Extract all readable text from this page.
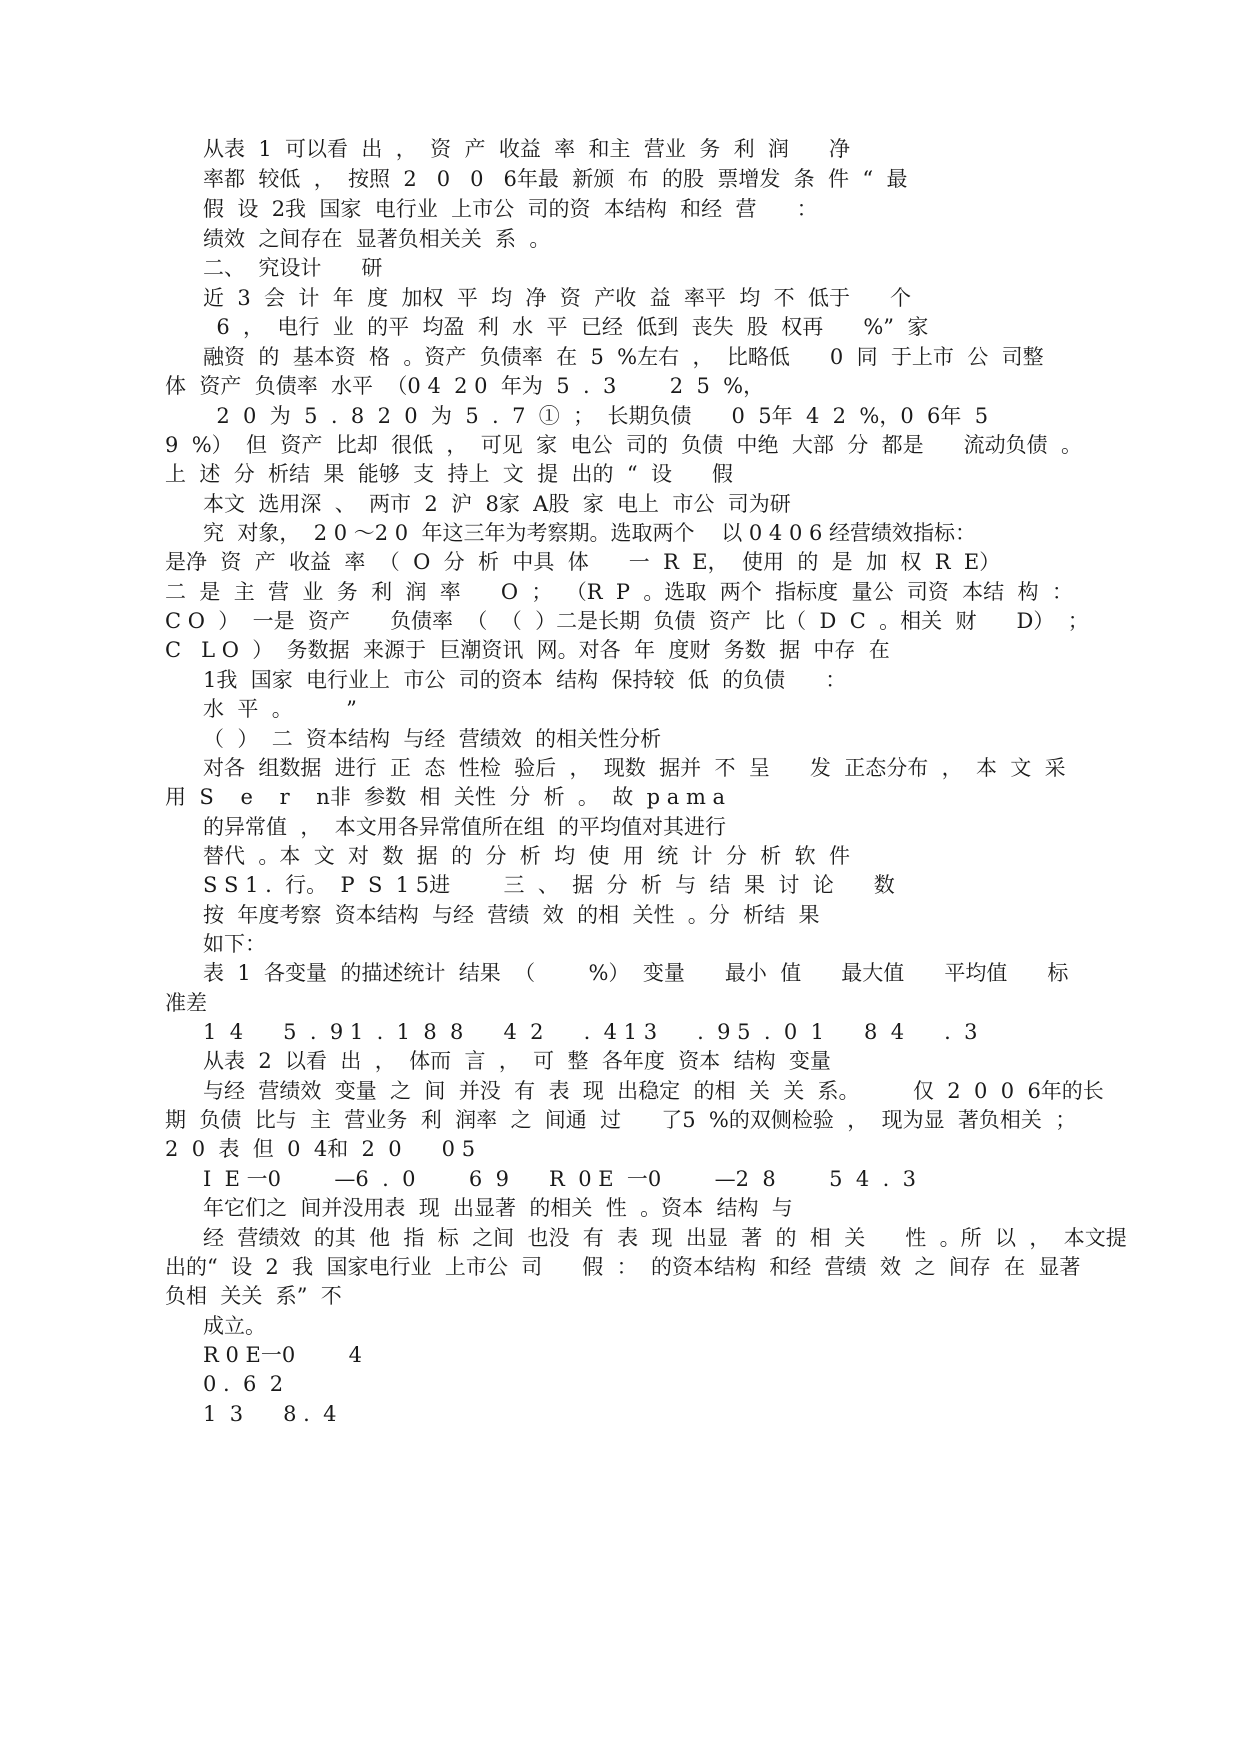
从表  1  可以看  出  ，  资  产  收益  率  和主  营业  务  利  润      净
率都  较低  ，  按照  2   0   0   6年最  新颁  布  的股  票增发  条  件  “  最
假  设  2我  国家  电行业  上市公  司的资  本结构  和经  营      ：
绩效  之间存在  显著负相关关  系  。
二、  究设计      研
近  3  会  计  年  度  加权  平  均  净  资  产收  益  率平  均  不  低于      个
6  ，  电行  业  的平  均盈  利  水  平  已经  低到  丧失  股  权再      %”  家
融资  的  基本资  格  。资产  负债率  在  5  %左右  ，  比略低      0  同  于上市  公  司整
体  资产  负债率  水平  （0 4  2 0  年为  5  .  3        2  5  %，
2  0  为  5  .  8  2  0  为  5  .  7  ①  ；  长期负债      0  5年  4  2  %，0  6年  5
9  %）  但  资产  比却  很低  ，  可见  家  电公  司的  负债  中绝  大部  分  都是      流动负债  。
上  述  分  析结  果  能够  支  持上  文  提  出的  “  设      假
本文  选用深  、  两市  2  沪  8家  A股  家  电上  市公  司为研
究  对象，  2 0 ～2 0  年这三年为考察期。选取两个    以 0 4 0 6 经营绩效指标：
是净  资  产  收益  率  （  O  分  析  中具  体      一  R  E，  使用  的  是  加  权  R  E）
二  是  主  营  业  务  利  润  率      O  ；  （R  P  。选取  两个  指标度  量公  司资  本结  构  ：
C O  ）  一是  资产      负债率  （  （  ）二是长期  负债  资产  比（  D  C  。相关  财      D）  ；
C   L O  ）  务数据  来源于  巨潮资讯  网。对各  年  度财  务数  据  中存  在
1我  国家  电行业上  市公  司的资本  结构  保持较  低  的负债      ：
水  平  。        ”
（  ）  二  资本结构  与经  营绩效  的相关性分析
对各  组数据  进行  正  态  性检  验后  ，  现数  据并  不  呈      发  正态分布  ，  本  文  采
用  S    e    r    n非  参数  相  关性  分  析  。  故  p a m a
的异常值  ，  本文用各异常值所在组  的平均值对其进行
替代  。本  文  对  数  据  的  分  析  均  使  用  统  计  分  析  软  件
S S 1 .  行。  P  S  1 5进        三  、  据  分  析  与  结  果  讨  论      数
按  年度考察  资本结构  与经  营绩  效  的相  关性  。分  析结  果
如下：
表  1  各变量  的描述统计  结果  （        %）  变量      最小  值      最大值      平均值      标
准差
1  4      5  .  9 1  .  1  8  8      4  2      .  4 1 3      .  9 5  .  0  1      8  4      .  3
从表  2  以看  出  ，  体而  言  ，  可  整  各年度  资本  结构  变量
与经  营绩效  变量  之  间  并没  有  表  现  出稳定  的相  关  关  系。        仅  2  0  0  6年的长
期  负债  比与  主  营业务  利  润率  之  间通  过      了5  %的双侧检验  ，  现为显  著负相关  ；
2  0  表  但  0  4和  2  0      0 5
I  E 一0        —6  .  0        6  9      R  0 E  一0        —2  8        5  4  .  3
年它们之  间并没用表  现  出显著  的相关  性  。资本  结构  与
经  营绩效  的其  他  指  标  之间  也没  有  表  现  出显  著  的  相  关      性  。所  以  ，  本文提
出的“  设  2  我  国家电行业  上市公  司      假  ：  的资本结构  和经  营绩  效  之  间存  在  显著
负相  关关  系”  不
成立。
R 0 E一0        4
0 .  6  2
1  3      8 .  4
